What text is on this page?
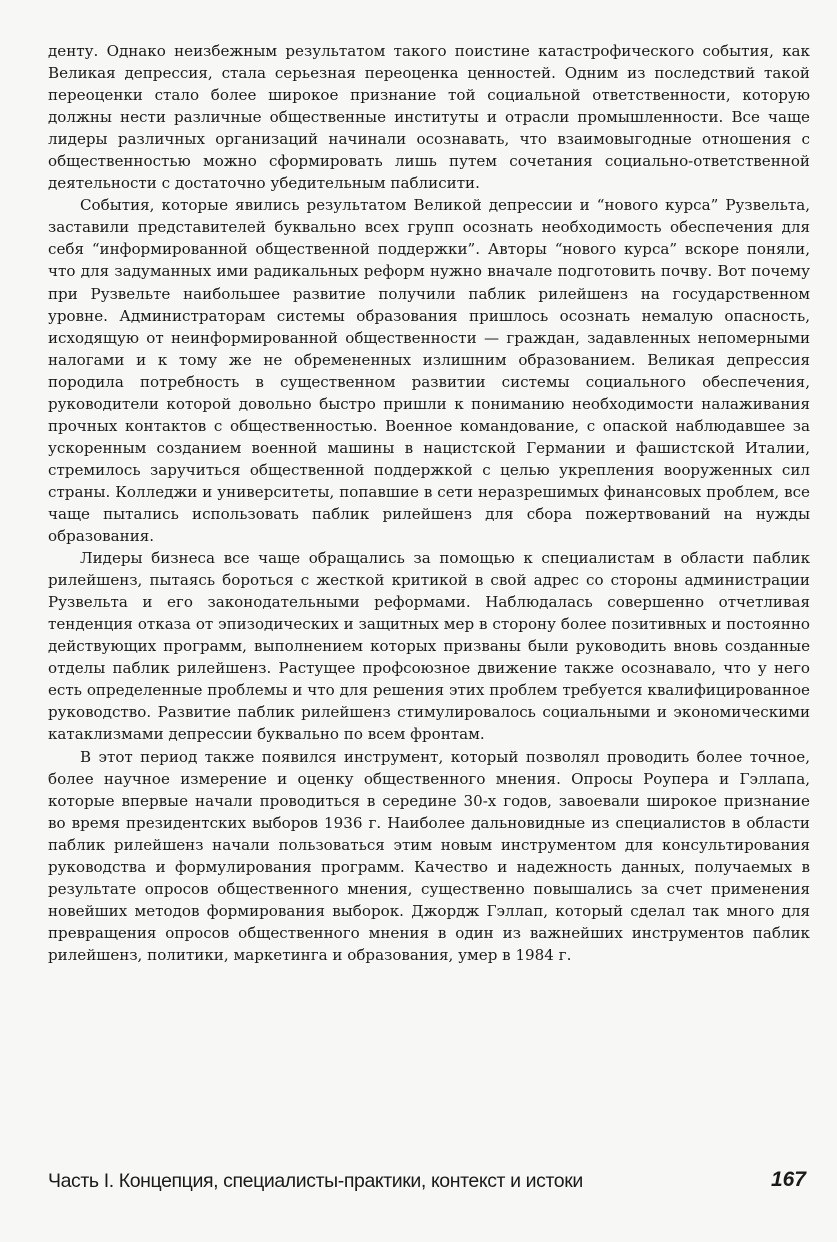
денту. Однако неизбежным результатом такого поистине катастрофического события, как Великая депрессия, стала серьезная переоценка ценностей. Одним из последствий такой переоценки стало более широкое признание той социальной ответственности, которую должны нести различные общественные институты и отрасли промышленности. Все чаще лидеры различных организаций начинали осознавать, что взаимовыгодные отношения с общественностью можно сформировать лишь путем сочетания социально-ответственной деятельности с достаточно убедительным паблисити.

События, которые явились результатом Великой депрессии и “нового курса” Рузвельта, заставили представителей буквально всех групп осознать необходимость обеспечения для себя “информированной общественной поддержки”. Авторы “нового курса” вскоре поняли, что для задуманных ими радикальных реформ нужно вначале подготовить почву. Вот почему при Рузвельте наибольшее развитие получили паблик рилейшенз на государственном уровне. Администраторам системы образования пришлось осознать немалую опасность, исходящую от неинформированной общественности — граждан, задавленных непомерными налогами и к тому же не обремененных излишним образованием. Великая депрессия породила потребность в существенном развитии системы социального обеспечения, руководители которой довольно быстро пришли к пониманию необходимости налаживания прочных контактов с общественностью. Военное командование, с опаской наблюдавшее за ускоренным созданием военной машины в нацистской Германии и фашистской Италии, стремилось заручиться общественной поддержкой с целью укрепления вооруженных сил страны. Колледжи и университеты, попавшие в сети неразрешимых финансовых проблем, все чаще пытались использовать паблик рилейшенз для сбора пожертвований на нужды образования.

Лидеры бизнеса все чаще обращались за помощью к специалистам в области паблик рилейшенз, пытаясь бороться с жесткой критикой в свой адрес со стороны администрации Рузвельта и его законодательными реформами. Наблюдалась совершенно отчетливая тенденция отказа от эпизодических и защитных мер в сторону более позитивных и постоянно действующих программ, выполнением которых призваны были руководить вновь созданные отделы паблик рилейшенз. Растущее профсоюзное движение также осознавало, что у него есть определенные проблемы и что для решения этих проблем требуется квалифицированное руководство. Развитие паблик рилейшенз стимулировалось социальными и экономическими катаклизмами депрессии буквально по всем фронтам.

В этот период также появился инструмент, который позволял проводить более точное, более научное измерение и оценку общественного мнения. Опросы Роупера и Гэллапа, которые впервые начали проводиться в середине 30-х годов, завоевали широкое признание во время президентских выборов 1936 г. Наиболее дальновидные из специалистов в области паблик рилейшенз начали пользоваться этим новым инструментом для консультирования руководства и формулирования программ. Качество и надежность данных, получаемых в результате опросов общественного мнения, существенно повышались за счет применения новейших методов формирования выборок. Джордж Гэллап, который сделал так много для превращения опросов общественного мнения в один из важнейших инструментов паблик рилейшенз, политики, маркетинга и образования, умер в 1984 г.

Часть I. Концепция, специалисты-практики, контекст и истоки	167
